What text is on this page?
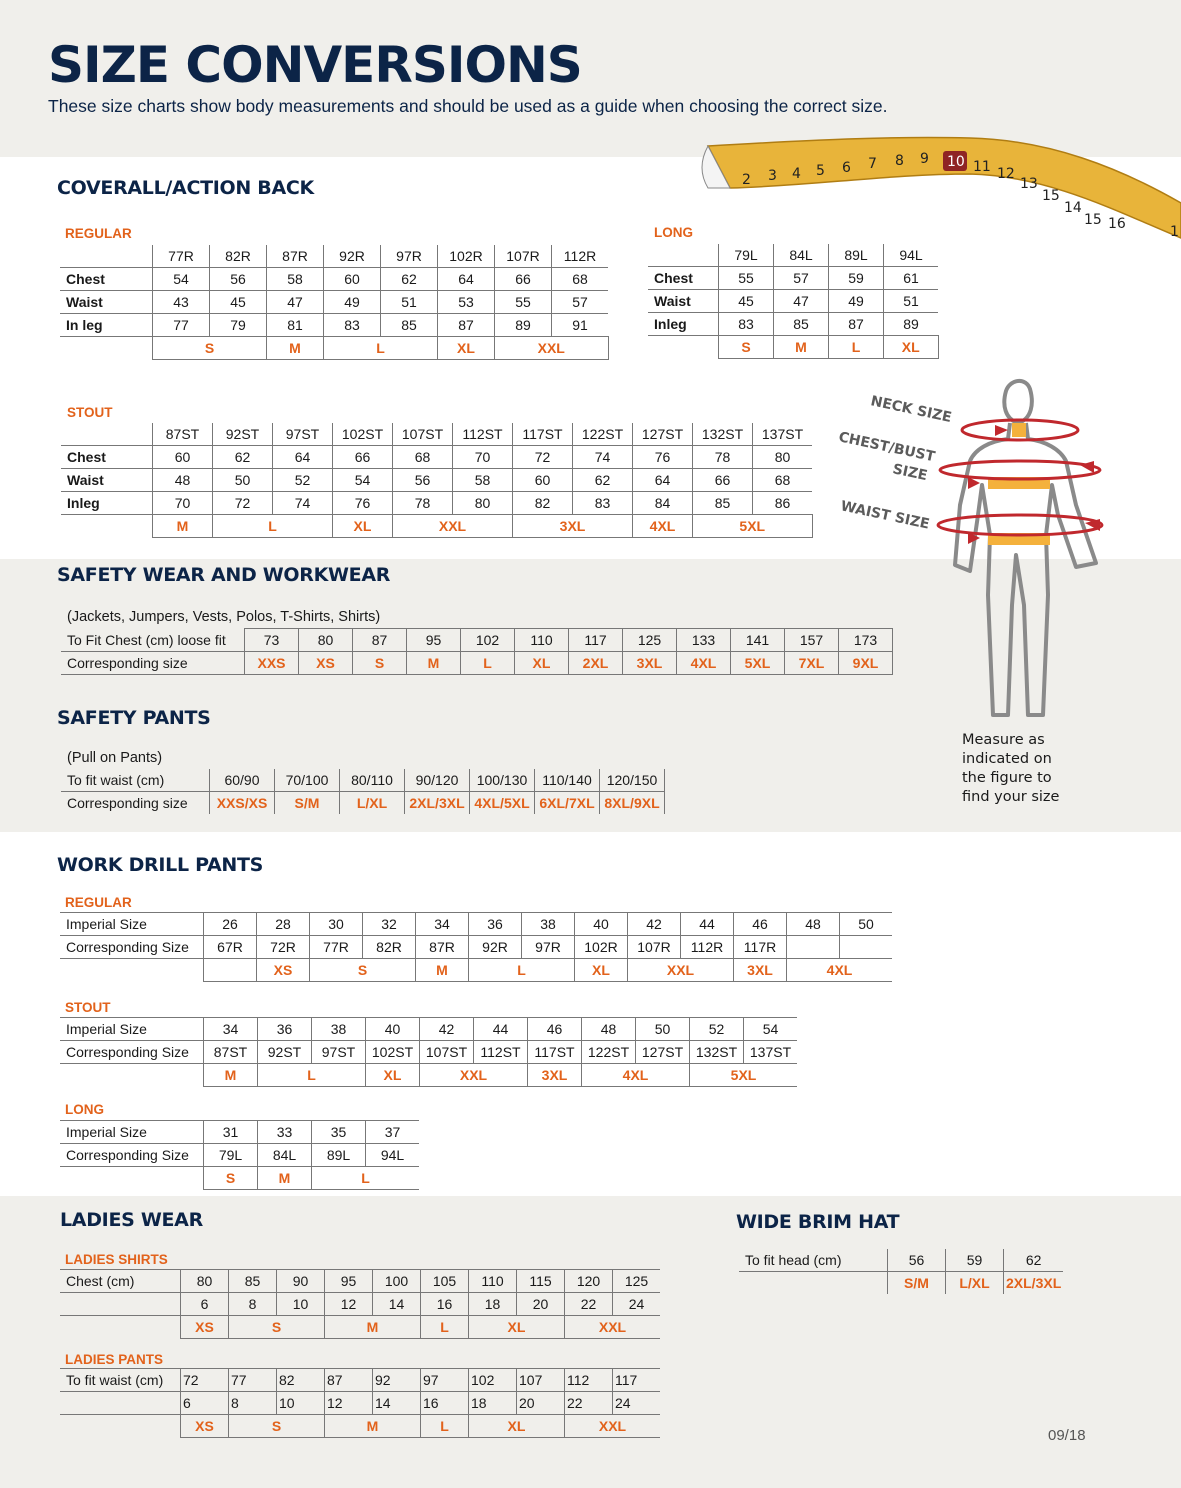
SIZE CONVERSIONS
These size charts show body measurements and should be used as a guide when choosing the correct size.
2 3 4 5 6 7 8 9 10 11 12
13
15
14
15 16	1
COVERALL/ACTION BACK
REGULAR
	77R	82R	87R	92R	97R	102R	107R	112R
Chest	54	56	58	60	62	64	66	68
Waist	43	45	47	49	51	53	55	57
In leg	77	79	81	83	85	87	89	91
	S		M	L		XL	XXL	
LONG
	79L	84L	89L	94L
Chest	55	57	59	61
Waist	45	47	49	51
Inleg	83	85	87	89
	S	M	L	XL
STOUT
	87ST	92ST	97ST	102ST	107ST	112ST	117ST	122ST	127ST	132ST	137ST
Chest	60	62	64	66	68	70	72	74	76	78	80
Waist	48	50	52	54	56	58	60	62	64	66	68
Inleg	70	72	74	76	78	80	82	83	84	85	86
	M	L		XL	XXL		3XL		4XL	5XL	
NECK SIZE
CHEST/BUST
SIZE
WAIST SIZE
Measure as
indicated on
the figure to
find your size
SAFETY WEAR AND WORKWEAR
(Jackets, Jumpers, Vests, Polos, T-Shirts, Shirts)
To Fit Chest (cm) loose fit	73	80	87	95	102	110	117	125	133	141	157	173
Corresponding size	XXS	XS	S	M	L	XL	2XL	3XL	4XL	5XL	7XL	9XL
SAFETY PANTS
(Pull on Pants)
To fit waist (cm)	60/90	70/100	80/110	90/120	100/130	110/140	120/150
Corresponding size	XXS/XS	S/M	L/XL	2XL/3XL	4XL/5XL	6XL/7XL	8XL/9XL
WORK DRILL PANTS
REGULAR
Imperial Size	26	28	30	32	34	36	38	40	42	44	46	48	50
Corresponding Size	67R	72R	77R	82R	87R	92R	97R	102R	107R	112R	117R		
		XS	S		M	L		XL	XXL		3XL	4XL	
STOUT
Imperial Size	34	36	38	40	42	44	46	48	50	52	54
Corresponding Size	87ST	92ST	97ST	102ST	107ST	112ST	117ST	122ST	127ST	132ST	137ST
	M	L		XL	XXL		3XL	4XL		5XL	
LONG
Imperial Size	31	33	35	37
Corresponding Size	79L	84L	89L	94L
	S	M	L	
LADIES WEAR
LADIES SHIRTS
Chest (cm)	80	85	90	95	100	105	110	115	120	125
	6	8	10	12	14	16	18	20	22	24
	XS	S		M		L	XL		XXL	
LADIES PANTS
To fit waist (cm)	72	77	82	87	92	97	102	107	112	117
	6	8	10	12	14	16	18	20	22	24
	XS	S		M		L	XL		XXL	
WIDE BRIM HAT
To fit head (cm)	56	59	62
	S/M	L/XL	2XL/3XL
09/18
